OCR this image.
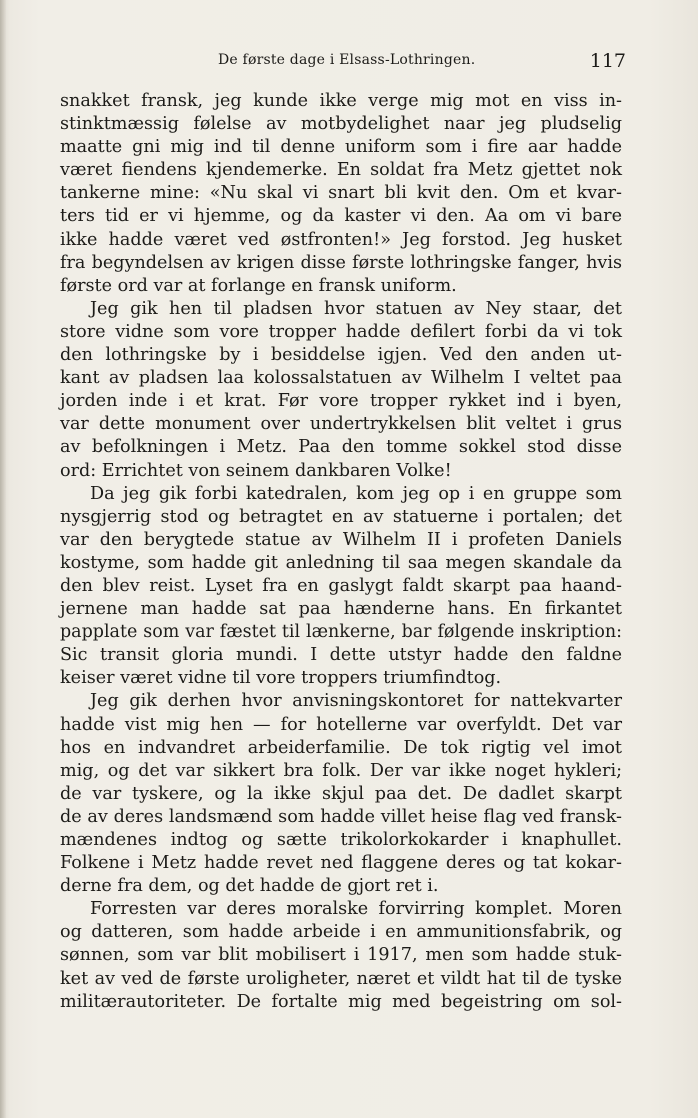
De første dage i Elsass-Lothringen.	117
snakket fransk, jeg kunde ikke verge mig mot en viss in-
stinktmæssig følelse av motbydelighet naar jeg pludselig
maatte gni mig ind til denne uniform som i fire aar hadde
været fiendens kjendemerke. En soldat fra Metz gjettet nok
tankerne mine: «Nu skal vi snart bli kvit den. Om et kvar-
ters tid er vi hjemme, og da kaster vi den. Aa om vi bare
ikke hadde været ved østfronten!» Jeg forstod. Jeg husket
fra begyndelsen av krigen disse første lothringske fanger, hvis
første ord var at forlange en fransk uniform.
Jeg gik hen til pladsen hvor statuen av Ney staar, det
store vidne som vore tropper hadde defilert forbi da vi tok
den lothringske by i besiddelse igjen. Ved den anden ut-
kant av pladsen laa kolossalstatuen av Wilhelm I veltet paa
jorden inde i et krat. Før vore tropper rykket ind i byen,
var dette monument over undertrykkelsen blit veltet i grus
av befolkningen i Metz. Paa den tomme sokkel stod disse
ord: Errichtet von seinem dankbaren Volke!
Da jeg gik forbi katedralen, kom jeg op i en gruppe som
nysgjerrig stod og betragtet en av statuerne i portalen; det
var den berygtede statue av Wilhelm II i profeten Daniels
kostyme, som hadde git anledning til saa megen skandale da
den blev reist. Lyset fra en gaslygt faldt skarpt paa haand-
jernene man hadde sat paa hænderne hans. En firkantet
papplate som var fæstet til lænkerne, bar følgende inskription:
Sic transit gloria mundi. I dette utstyr hadde den faldne
keiser været vidne til vore troppers triumfindtog.
Jeg gik derhen hvor anvisningskontoret for nattekvarter
hadde vist mig hen — for hotellerne var overfyldt. Det var
hos en indvandret arbeiderfamilie. De tok rigtig vel imot
mig, og det var sikkert bra folk. Der var ikke noget hykleri;
de var tyskere, og la ikke skjul paa det. De dadlet skarpt
de av deres landsmænd som hadde villet heise flag ved fransk-
mændenes indtog og sætte trikolorkokarder i knaphullet.
Folkene i Metz hadde revet ned flaggene deres og tat kokar-
derne fra dem, og det hadde de gjort ret i.
Forresten var deres moralske forvirring komplet. Moren
og datteren, som hadde arbeide i en ammunitionsfabrik, og
sønnen, som var blit mobilisert i 1917, men som hadde stuk-
ket av ved de første uroligheter, næret et vildt hat til de tyske
militærautoriteter. De fortalte mig med begeistring om sol-
